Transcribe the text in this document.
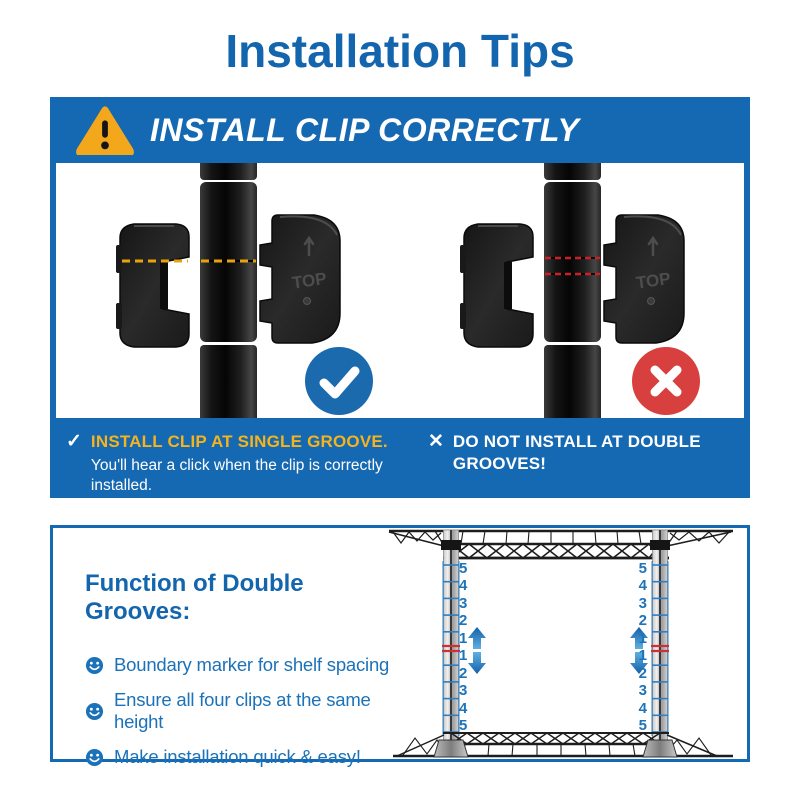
Installation Tips
INSTALL CLIP CORRECTLY
TOP	TOP
✓ INSTALL CLIP AT SINGLE GROOVE.
You'll hear a click when the clip is correctly installed.
✕ DO NOT INSTALL AT DOUBLE GROOVES!
5
4
3
2
1
1
2
3
4
5
5
4
3
2
1
1
2
3
4
5
Function of Double Grooves:
Boundary marker for shelf spacing
Ensure all four clips at the same height
Make installation quick & easy!
